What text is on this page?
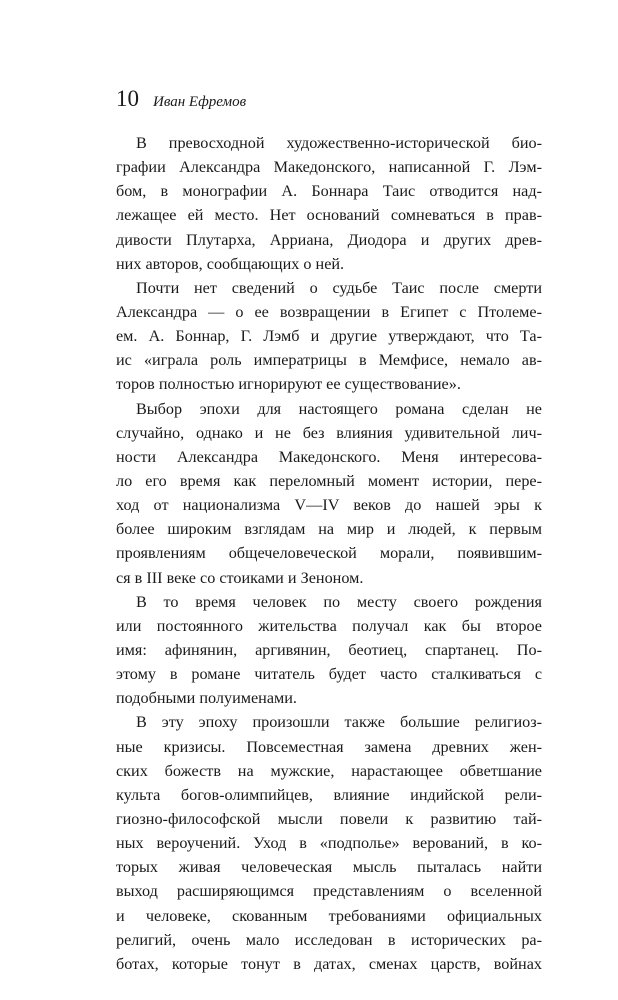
10 Иван Ефремов
В превосходной художественно-исторической био-
графии Александра Македонского, написанной Г. Лэм-
бом, в монографии А. Боннара Таис отводится над-
лежащее ей место. Нет оснований сомневаться в прав-
дивости Плутарха, Арриана, Диодора и других древ-
них авторов, сообщающих о ней.
Почти нет сведений о судьбе Таис после смерти
Александра — о ее возвращении в Египет с Птолеме-
ем. А. Боннар, Г. Лэмб и другие утверждают, что Та-
ис «играла роль императрицы в Мемфисе, немало ав-
торов полностью игнорируют ее существование».
Выбор эпохи для настоящего романа сделан не
случайно, однако и не без влияния удивительной лич-
ности Александра Македонского. Меня интересова-
ло его время как переломный момент истории, пере-
ход от национализма V—IV веков до нашей эры к
более широким взглядам на мир и людей, к первым
проявлениям общечеловеческой морали, появившим-
ся в III веке со стоиками и Зеноном.
В то время человек по месту своего рождения
или постоянного жительства получал как бы второе
имя: афинянин, аргивянин, беотиец, спартанец. По-
этому в романе читатель будет часто сталкиваться с
подобными полуименами.
В эту эпоху произошли также большие религиоз-
ные кризисы. Повсеместная замена древних жен-
ских божеств на мужские, нарастающее обветшание
культа богов-олимпийцев, влияние индийской рели-
гиозно-философской мысли повели к развитию тай-
ных вероучений. Уход в «подполье» верований, в ко-
торых живая человеческая мысль пыталась найти
выход расширяющимся представлениям о вселенной
и человеке, скованным требованиями официальных
религий, очень мало исследован в исторических ра-
ботах, которые тонут в датах, сменах царств, войнах
